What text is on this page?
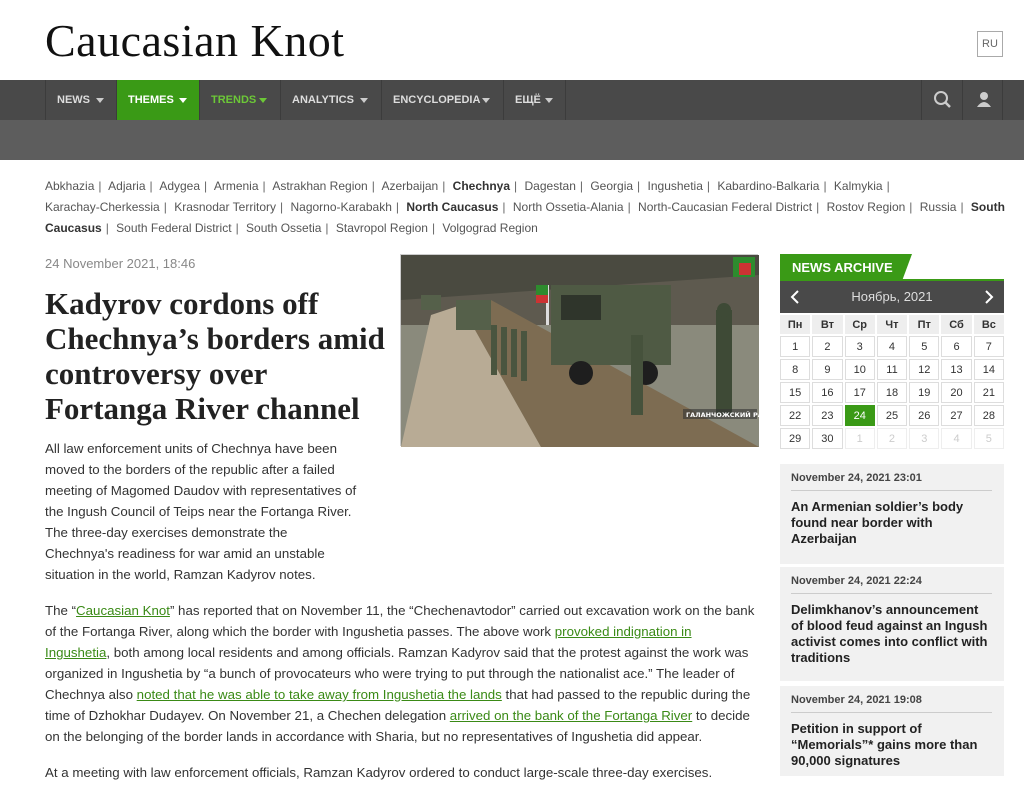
Caucasian Knot	RU
NEWS	THEMES	TRENDS	ANALYTICS	ENCYCLOPEDIA	ЕЩЁ
Abkhazia | Adjaria | Adygea | Armenia | Astrakhan Region | Azerbaijan | Chechnya | Dagestan | Georgia | Ingushetia | Kabardino-Balkaria | Kalmykia | Karachay-Cherkessia | Krasnodar Territory | Nagorno-Karabakh | North Caucasus | North Ossetia-Alania | North-Caucasian Federal District | Rostov Region | Russia | South Caucasus | South Federal District | South Ossetia | Stavropol Region | Volgograd Region
24 November 2021, 18:46
Kadyrov cordons off Chechnya’s borders amid controversy over Fortanga River channel	ГАЛАНЧОЖСКИЙ РАЙОН

All law enforcement units of Chechnya have been moved to the borders of the republic after a failed meeting of Magomed Daudov with representatives of the Ingush Council of Teips near the Fortanga River. The three-day exercises demonstrate the Chechnya's readiness for war amid an unstable situation in the world, Ramzan Kadyrov notes.

The “Caucasian Knot” has reported that on November 11, the “Chechenavtodor” carried out excavation work on the bank of the Fortanga River, along which the border with Ingushetia passes. The above work provoked indignation in Ingushetia, both among local residents and among officials. Ramzan Kadyrov said that the protest against the work was organized in Ingushetia by “a bunch of provocateurs who were trying to put through the nationalist ace.” The leader of Chechnya also noted that he was able to take away from Ingushetia the lands that had passed to the republic during the time of Dzhokhar Dudayev. On November 21, a Chechen delegation arrived on the bank of the Fortanga River to decide on the belonging of the border lands in accordance with Sharia, but no representatives of Ingushetia did appear.

At a meeting with law enforcement officials, Ramzan Kadyrov ordered to conduct large-scale three-day exercises.

NEWS ARCHIVE
Ноябрь, 2021
Пн	Вт	Ср	Чт	Пт	Сб	Вс
1	2	3	4	5	6	7
8	9	10	11	12	13	14
15	16	17	18	19	20	21
22	23	24	25	26	27	28
29	30	1	2	3	4	5
November 24, 2021 23:01
An Armenian soldier’s body found near border with Azerbaijan
November 24, 2021 22:24
Delimkhanov’s announcement of blood feud against an Ingush activist comes into conflict with traditions
November 24, 2021 19:08
Petition in support of “Memorials”* gains more than 90,000 signatures
